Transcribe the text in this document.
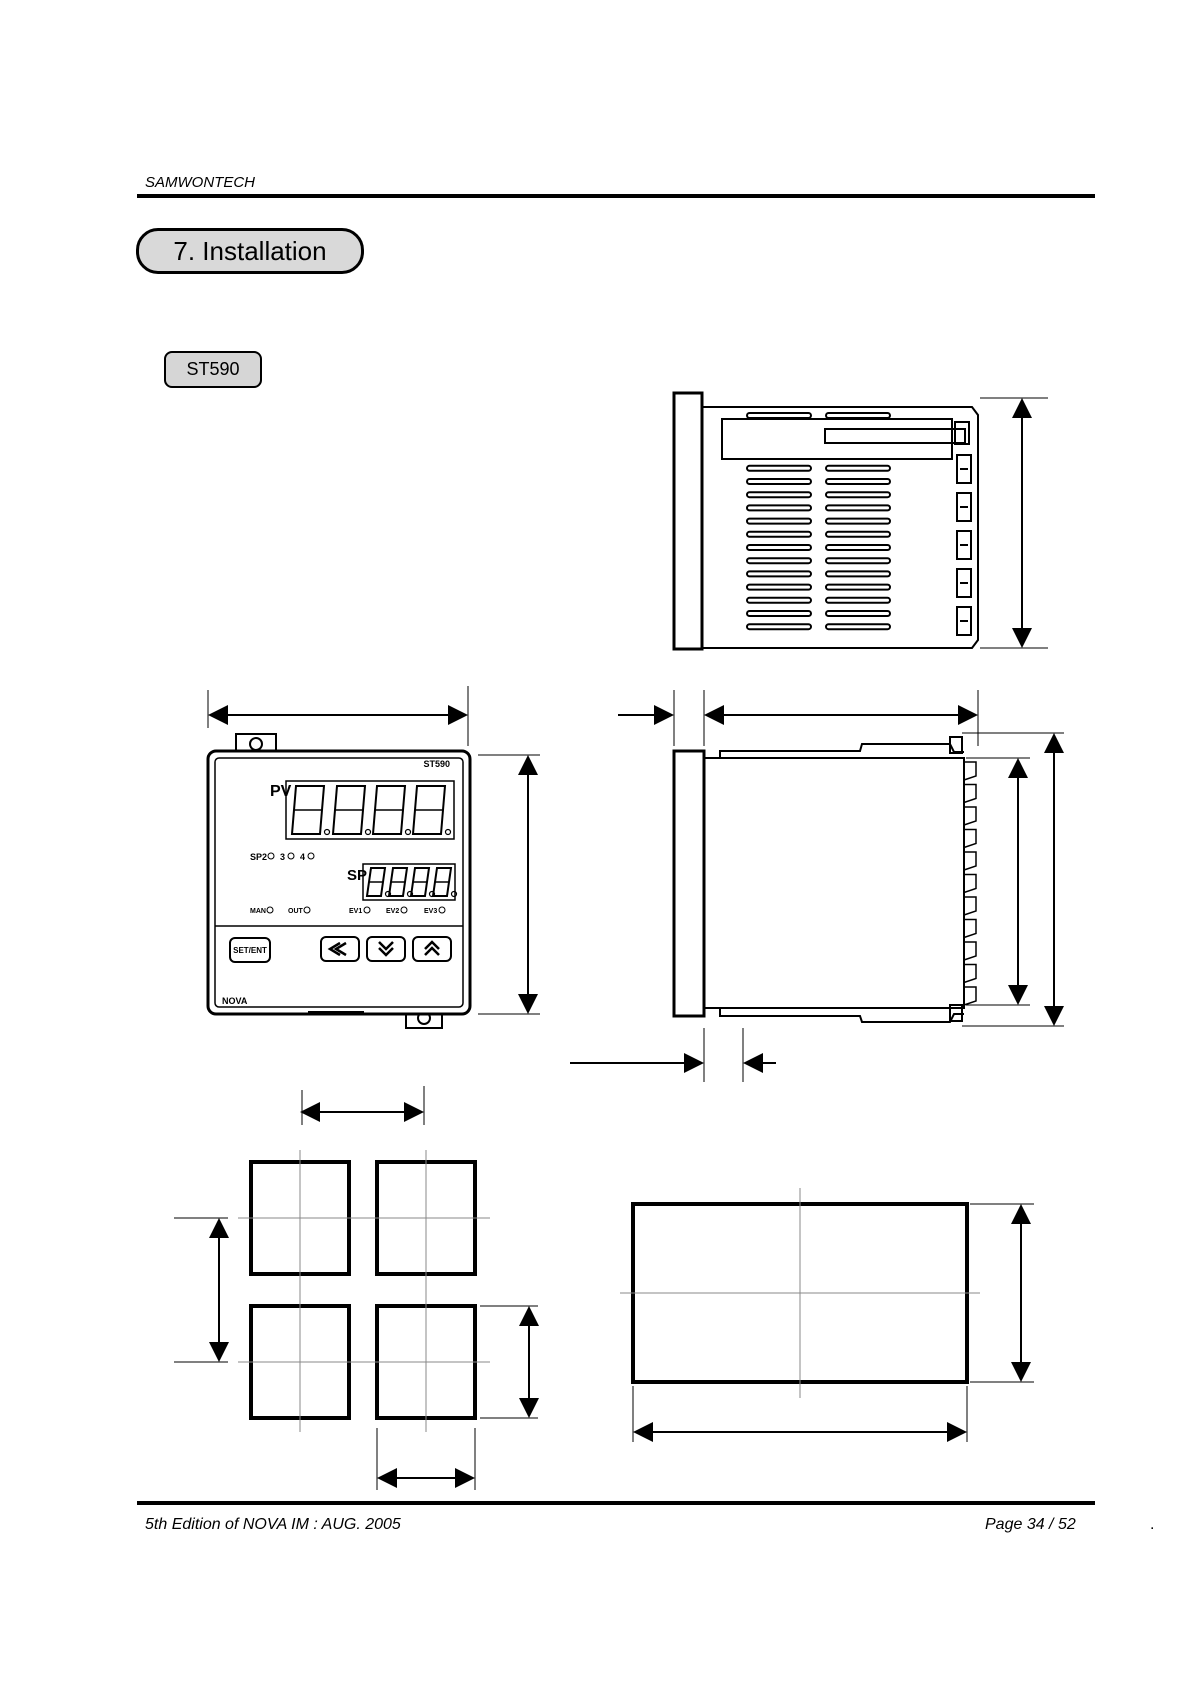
SAMWONTECH
7. Installation
ST590
ST590
PV
SP2 3 4
SP
MAN	OUT	EV1	EV2	EV3
SET/ENT
NOVA
5th Edition of NOVA IM : AUG. 2005	Page 34 / 52	.
